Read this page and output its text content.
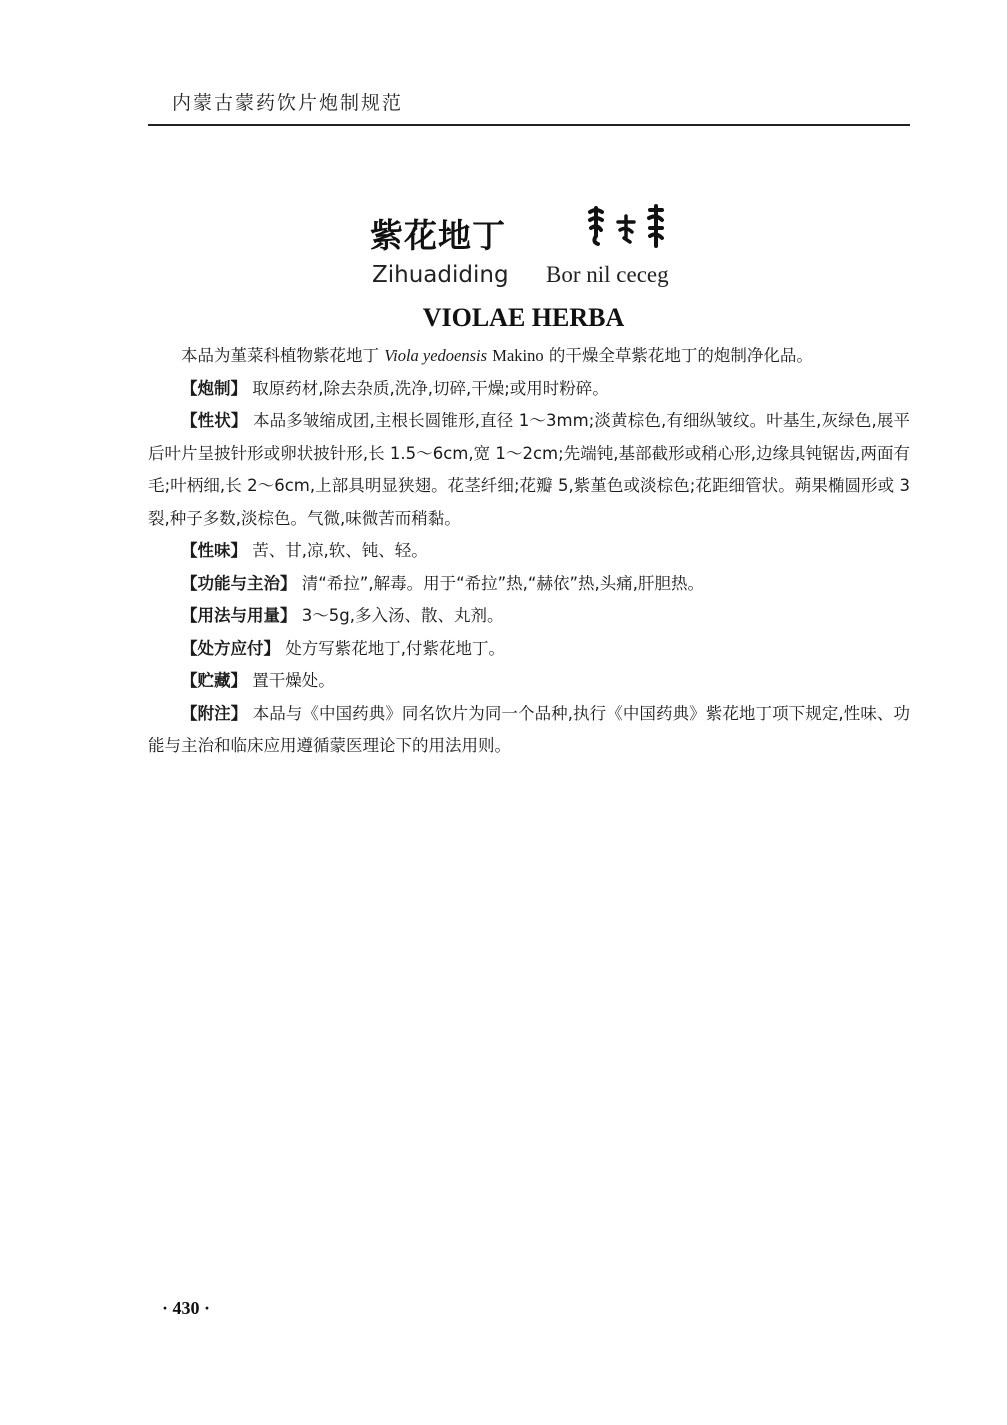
内蒙古蒙药饮片炮制规范
紫花地丁
Zihuadiding Bor nil ceceg
VIOLAE HERBA

本品为堇菜科植物紫花地丁 Viola yedoensis Makino 的干燥全草紫花地丁的炮制净化品。

【炮制】 取原药材,除去杂质,洗净,切碎,干燥;或用时粉碎。

【性状】 本品多皱缩成团,主根长圆锥形,直径 1～3mm;淡黄棕色,有细纵皱纹。叶基生,灰绿色,展平后叶片呈披针形或卵状披针形,长 1.5～6cm,宽 1～2cm;先端钝,基部截形或稍心形,边缘具钝锯齿,两面有毛;叶柄细,长 2～6cm,上部具明显狭翅。花茎纤细;花瓣 5,紫堇色或淡棕色;花距细管状。蒴果椭圆形或 3 裂,种子多数,淡棕色。气微,味微苦而稍黏。

【性味】 苦、甘,凉,软、钝、轻。

【功能与主治】 清“希拉”,解毒。用于“希拉”热,“赫依”热,头痛,肝胆热。

【用法与用量】 3～5g,多入汤、散、丸剂。

【处方应付】 处方写紫花地丁,付紫花地丁。

【贮藏】 置干燥处。

【附注】 本品与《中国药典》同名饮片为同一个品种,执行《中国药典》紫花地丁项下规定,性味、功能与主治和临床应用遵循蒙医理论下的用法用则。

· 430 ·
